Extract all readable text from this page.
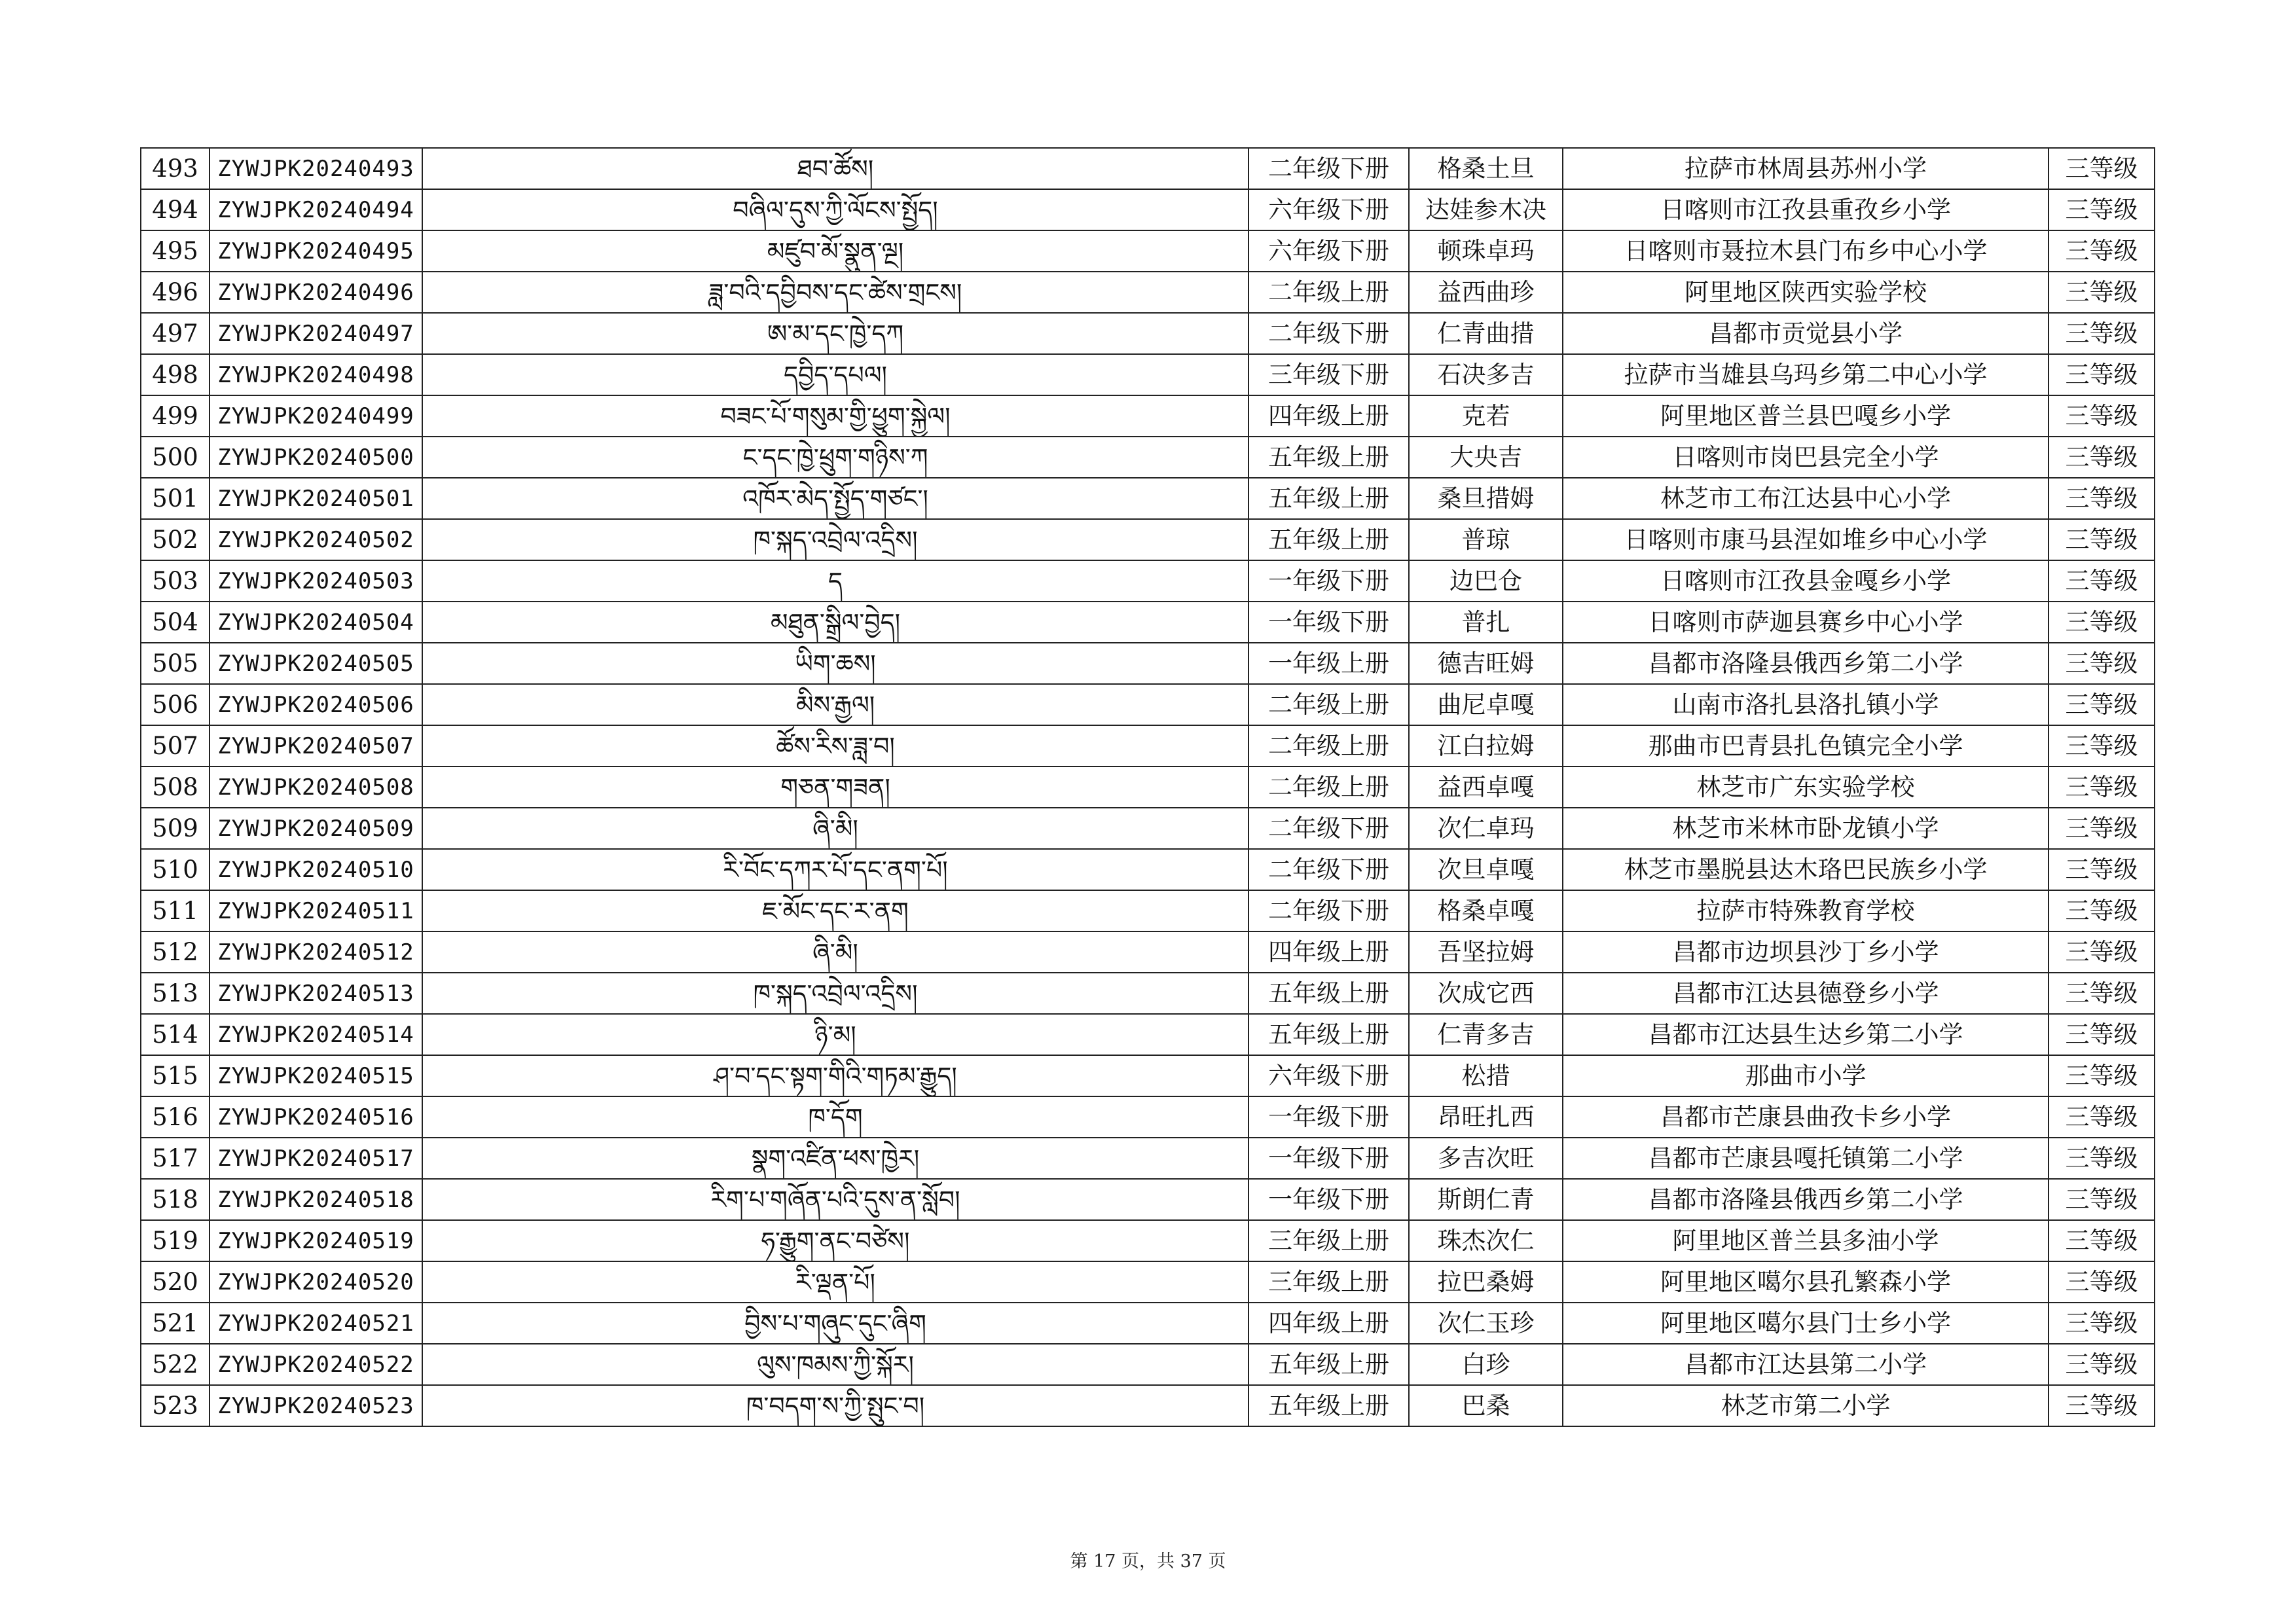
493	ZYWJPK20240493	ཐབ་ཚོས།	二年级下册	格桑土旦	拉萨市林周县苏州小学	三等级
494	ZYWJPK20240494	བཞིལ་དུས་ཀྱི་ལོངས་སྤྱོད།	六年级下册	达娃参木决	日喀则市江孜县重孜乡小学	三等级
495	ZYWJPK20240495	མཛུབ་མོ་སྣུན་ལྔ།	六年级下册	顿珠卓玛	日喀则市聂拉木县门布乡中心小学	三等级
496	ZYWJPK20240496	ཟླ་བའི་དབྱིབས་དང་ཚེས་གྲངས།	二年级上册	益西曲珍	阿里地区陕西实验学校	三等级
497	ZYWJPK20240497	ཨ་མ་དང་ཁྱེ་དཀ	二年级下册	仁青曲措	昌都市贡觉县小学	三等级
498	ZYWJPK20240498	དབྱིད་དཔལ།	三年级下册	石决多吉	拉萨市当雄县乌玛乡第二中心小学	三等级
499	ZYWJPK20240499	བཟང་པོ་གསུམ་གྱི་ཕྱུག་སྐྱེལ།	四年级上册	克若	阿里地区普兰县巴嘎乡小学	三等级
500	ZYWJPK20240500	ང་དང་ཁྱེ་ཕྲུག་གཉིས་ཀ	五年级上册	大央吉	日喀则市岗巴县完全小学	三等级
501	ZYWJPK20240501	འཁོར་མེད་སྤྱོད་གཙང་།	五年级上册	桑旦措姆	林芝市工布江达县中心小学	三等级
502	ZYWJPK20240502	ཁ་སྐད་འབྲེལ་འདྲིས།	五年级上册	普琼	日喀则市康马县涅如堆乡中心小学	三等级
503	ZYWJPK20240503	ད	一年级下册	边巴仓	日喀则市江孜县金嘎乡小学	三等级
504	ZYWJPK20240504	མཐུན་སྒྲིལ་བྱེད།	一年级下册	普扎	日喀则市萨迦县赛乡中心小学	三等级
505	ZYWJPK20240505	ཡིག་ཆས།	一年级上册	德吉旺姆	昌都市洛隆县俄西乡第二小学	三等级
506	ZYWJPK20240506	མིས་རྒྱལ།	二年级上册	曲尼卓嘎	山南市洛扎县洛扎镇小学	三等级
507	ZYWJPK20240507	ཚོས་རིས་ཟླ་བ།	二年级上册	江白拉姆	那曲市巴青县扎色镇完全小学	三等级
508	ZYWJPK20240508	གཅན་གཟན།	二年级上册	益西卓嘎	林芝市广东实验学校	三等级
509	ZYWJPK20240509	ཞི་མི།	二年级下册	次仁卓玛	林芝市米林市卧龙镇小学	三等级
510	ZYWJPK20240510	རི་བོང་དཀར་པོ་དང་ནག་པོ།	二年级下册	次旦卓嘎	林芝市墨脱县达木珞巴民族乡小学	三等级
511	ZYWJPK20240511	ཇ་མོང་དང་ར་ནག	二年级下册	格桑卓嘎	拉萨市特殊教育学校	三等级
512	ZYWJPK20240512	ཞི་མི།	四年级上册	吾坚拉姆	昌都市边坝县沙丁乡小学	三等级
513	ZYWJPK20240513	ཁ་སྐད་འབྲེལ་འདྲིས།	五年级上册	次成它西	昌都市江达县德登乡小学	三等级
514	ZYWJPK20240514	ཉི་མ།	五年级上册	仁青多吉	昌都市江达县生达乡第二小学	三等级
515	ZYWJPK20240515	ཤ་བ་དང་སྟག་གིའི་གཏམ་རྒྱུད།	六年级下册	松措	那曲市小学	三等级
516	ZYWJPK20240516	ཁ་དོག	一年级下册	昂旺扎西	昌都市芒康县曲孜卡乡小学	三等级
517	ZYWJPK20240517	སྣག་འཛིན་ཕས་ཁྱེར།	一年级下册	多吉次旺	昌都市芒康县嘎托镇第二小学	三等级
518	ZYWJPK20240518	རིག་པ་གཞོན་པའི་དུས་ན་སློབ།	一年级下册	斯朗仁青	昌都市洛隆县俄西乡第二小学	三等级
519	ZYWJPK20240519	ཧ་རྒྱུག་ནང་བཙེས།	三年级上册	珠杰次仁	阿里地区普兰县多油小学	三等级
520	ZYWJPK20240520	རི་ལྡན་པོ།	三年级上册	拉巴桑姆	阿里地区噶尔县孔繁森小学	三等级
521	ZYWJPK20240521	བྱིས་པ་གཞུང་དུང་ཞིག	四年级上册	次仁玉珍	阿里地区噶尔县门士乡小学	三等级
522	ZYWJPK20240522	ལུས་ཁམས་ཀྱི་སྐོར།	五年级上册	白珍	昌都市江达县第二小学	三等级
523	ZYWJPK20240523	ཁ་བདག་ས་ཀྱི་སྤུང་བ།	五年级上册	巴桑	林芝市第二小学	三等级
第 17 页，共 37 页
